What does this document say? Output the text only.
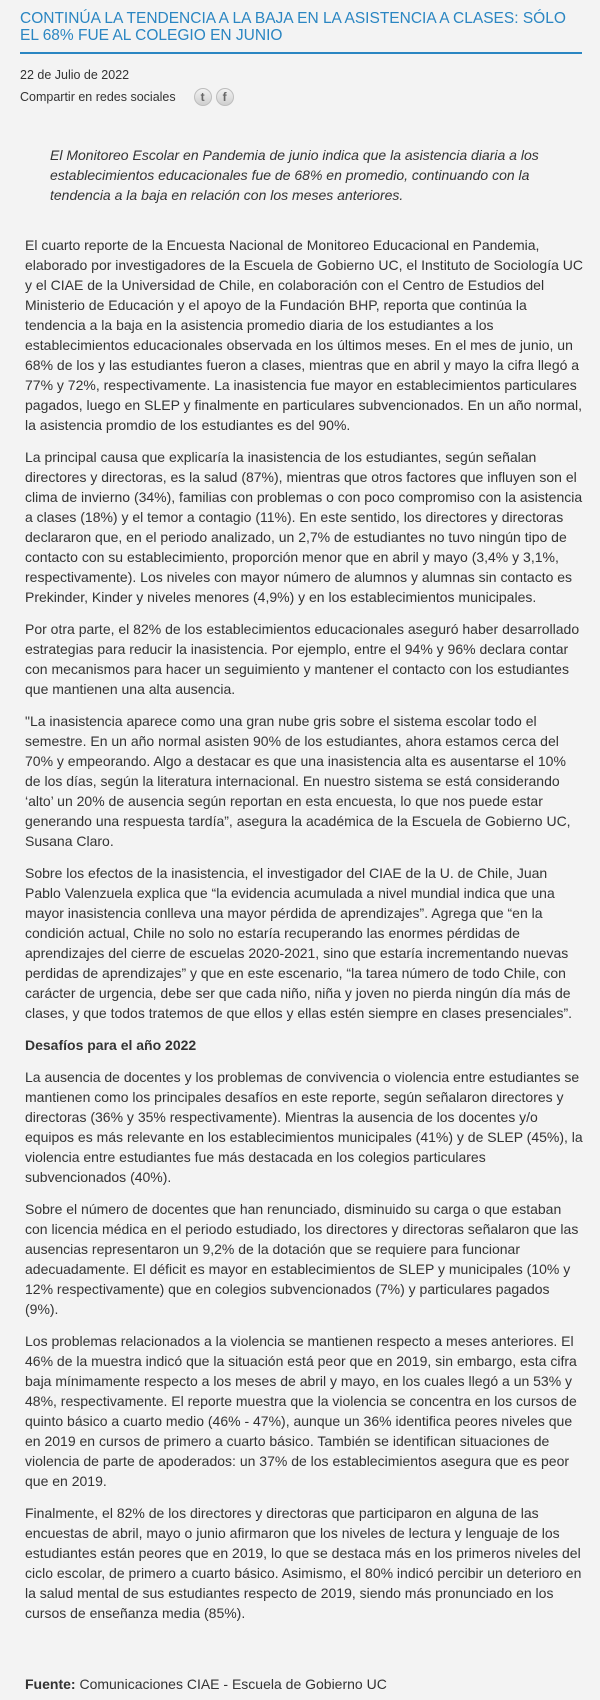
CONTINÚA LA TENDENCIA A LA BAJA EN LA ASISTENCIA A CLASES: SÓLO EL 68% FUE AL COLEGIO EN JUNIO
22 de Julio de 2022
Compartir en redes sociales	t	f

El Monitoreo Escolar en Pandemia de junio indica que la asistencia diaria a los establecimientos educacionales fue de 68% en promedio, continuando con la tendencia a la baja en relación con los meses anteriores.

El cuarto reporte de la Encuesta Nacional de Monitoreo Educacional en Pandemia, elaborado por investigadores de la Escuela de Gobierno UC, el Instituto de Sociología UC y el CIAE de la Universidad de Chile, en colaboración con el Centro de Estudios del Ministerio de Educación y el apoyo de la Fundación BHP, reporta que continúa la tendencia a la baja en la asistencia promedio diaria de los estudiantes a los establecimientos educacionales observada en los últimos meses. En el mes de junio, un 68% de los y las estudiantes fueron a clases, mientras que en abril y mayo la cifra llegó a 77% y 72%, respectivamente. La inasistencia fue mayor en establecimientos particulares pagados, luego en SLEP y finalmente en particulares subvencionados. En un año normal, la asistencia promdio de los estudiantes es del 90%.

La principal causa que explicaría la inasistencia de los estudiantes, según señalan directores y directoras, es la salud (87%), mientras que otros factores que influyen son el clima de invierno (34%), familias con problemas o con poco compromiso con la asistencia a clases (18%) y el temor a contagio (11%). En este sentido, los directores y directoras declararon que, en el periodo analizado, un 2,7% de estudiantes no tuvo ningún tipo de contacto con su establecimiento, proporción menor que en abril y mayo (3,4% y 3,1%, respectivamente). Los niveles con mayor número de alumnos y alumnas sin contacto es Prekinder, Kinder y niveles menores (4,9%) y en los establecimientos municipales.

Por otra parte, el 82% de los establecimientos educacionales aseguró haber desarrollado estrategias para reducir la inasistencia. Por ejemplo, entre el 94% y 96% declara contar con mecanismos para hacer un seguimiento y mantener el contacto con los estudiantes que mantienen una alta ausencia.

"La inasistencia aparece como una gran nube gris sobre el sistema escolar todo el semestre. En un año normal asisten 90% de los estudiantes, ahora estamos cerca del 70% y empeorando. Algo a destacar es que una inasistencia alta es ausentarse el 10% de los días, según la literatura internacional. En nuestro sistema se está considerando ‘alto’ un 20% de ausencia según reportan en esta encuesta, lo que nos puede estar generando una respuesta tardía”, asegura la académica de la Escuela de Gobierno UC, Susana Claro.

Sobre los efectos de la inasistencia, el investigador del CIAE de la U. de Chile, Juan Pablo Valenzuela explica que “la evidencia acumulada a nivel mundial indica que una mayor inasistencia conlleva una mayor pérdida de aprendizajes”. Agrega que “en la condición actual, Chile no solo no estaría recuperando las enormes pérdidas de aprendizajes del cierre de escuelas 2020-2021, sino que estaría incrementando nuevas perdidas de aprendizajes” y que en este escenario, “la tarea número de todo Chile, con carácter de urgencia, debe ser que cada niño, niña y joven no pierda ningún día más de clases, y que todos tratemos de que ellos y ellas estén siempre en clases presenciales”.

Desafíos para el año 2022

La ausencia de docentes y los problemas de convivencia o violencia entre estudiantes se mantienen como los principales desafíos en este reporte, según señalaron directores y directoras (36% y 35% respectivamente). Mientras la ausencia de los docentes y/o equipos es más relevante en los establecimientos municipales (41%) y de SLEP (45%), la violencia entre estudiantes fue más destacada en los colegios particulares subvencionados (40%).

Sobre el número de docentes que han renunciado, disminuido su carga o que estaban con licencia médica en el periodo estudiado, los directores y directoras señalaron que las ausencias representaron un 9,2% de la dotación que se requiere para funcionar adecuadamente. El déficit es mayor en establecimientos de SLEP y municipales (10% y 12% respectivamente) que en colegios subvencionados (7%) y particulares pagados (9%).

Los problemas relacionados a la violencia se mantienen respecto a meses anteriores. El 46% de la muestra indicó que la situación está peor que en 2019, sin embargo, esta cifra baja mínimamente respecto a los meses de abril y mayo, en los cuales llegó a un 53% y 48%, respectivamente. El reporte muestra que la violencia se concentra en los cursos de quinto básico a cuarto medio (46% - 47%), aunque un 36% identifica peores niveles que en 2019 en cursos de primero a cuarto básico. También se identifican situaciones de violencia de parte de apoderados: un 37% de los establecimientos asegura que es peor que en 2019.

Finalmente, el 82% de los directores y directoras que participaron en alguna de las encuestas de abril, mayo o junio afirmaron que los niveles de lectura y lenguaje de los estudiantes están peores que en 2019, lo que se destaca más en los primeros niveles del ciclo escolar, de primero a cuarto básico. Asimismo, el 80% indicó percibir un deterioro en la salud mental de sus estudiantes respecto de 2019, siendo más pronunciado en los cursos de enseñanza media (85%).

Fuente: Comunicaciones CIAE - Escuela de Gobierno UC
